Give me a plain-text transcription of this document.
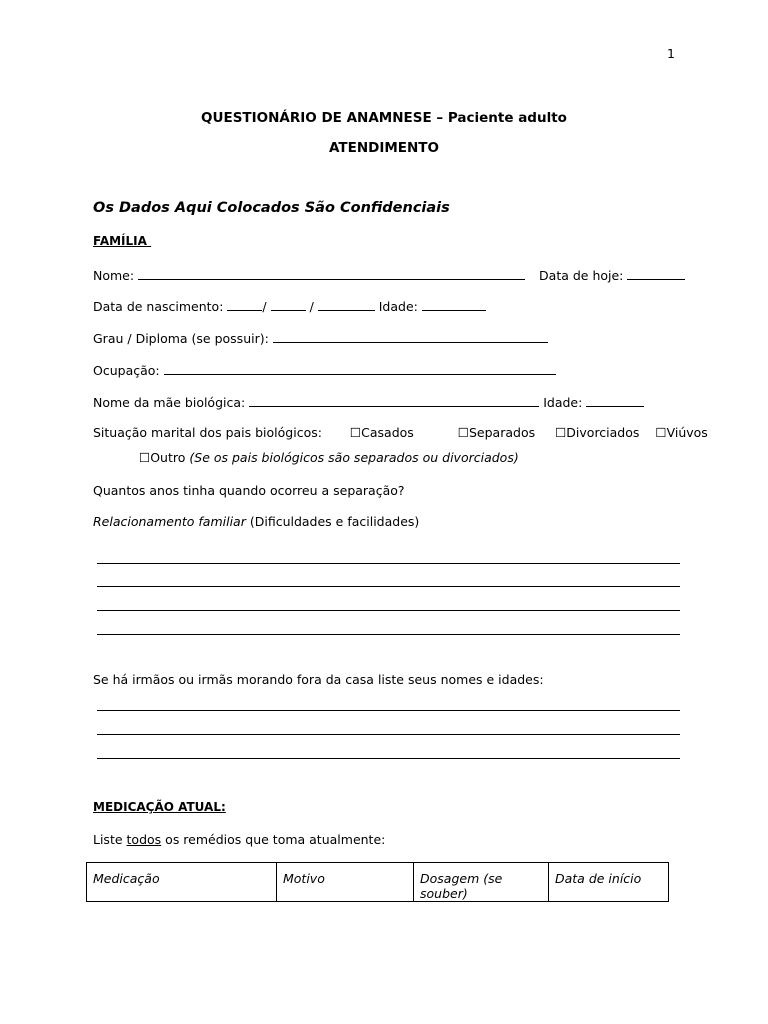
1
QUESTIONÁRIO DE ANAMNESE – Paciente adulto
ATENDIMENTO
Os Dados Aqui Colocados São Confidenciais
FAMÍLIA
Nome:	Data de hoje:
Data de nascimento:	/	/	Idade:
Grau / Diploma (se possuir):
Ocupação:
Nome da mãe biológica:	Idade:
Situação marital dos pais biológicos: ☐Casados	☐Separados ☐Divorciados ☐Viúvos
☐Outro (Se os pais biológicos são separados ou divorciados)
Quantos anos tinha quando ocorreu a separação?
Relacionamento familiar (Dificuldades e facilidades)
Se há irmãos ou irmãs morando fora da casa liste seus nomes e idades:
MEDICAÇÃO ATUAL:
Liste todos os remédios que toma atualmente:
Medicação	Motivo	Dosagem (se souber)	Data de início
